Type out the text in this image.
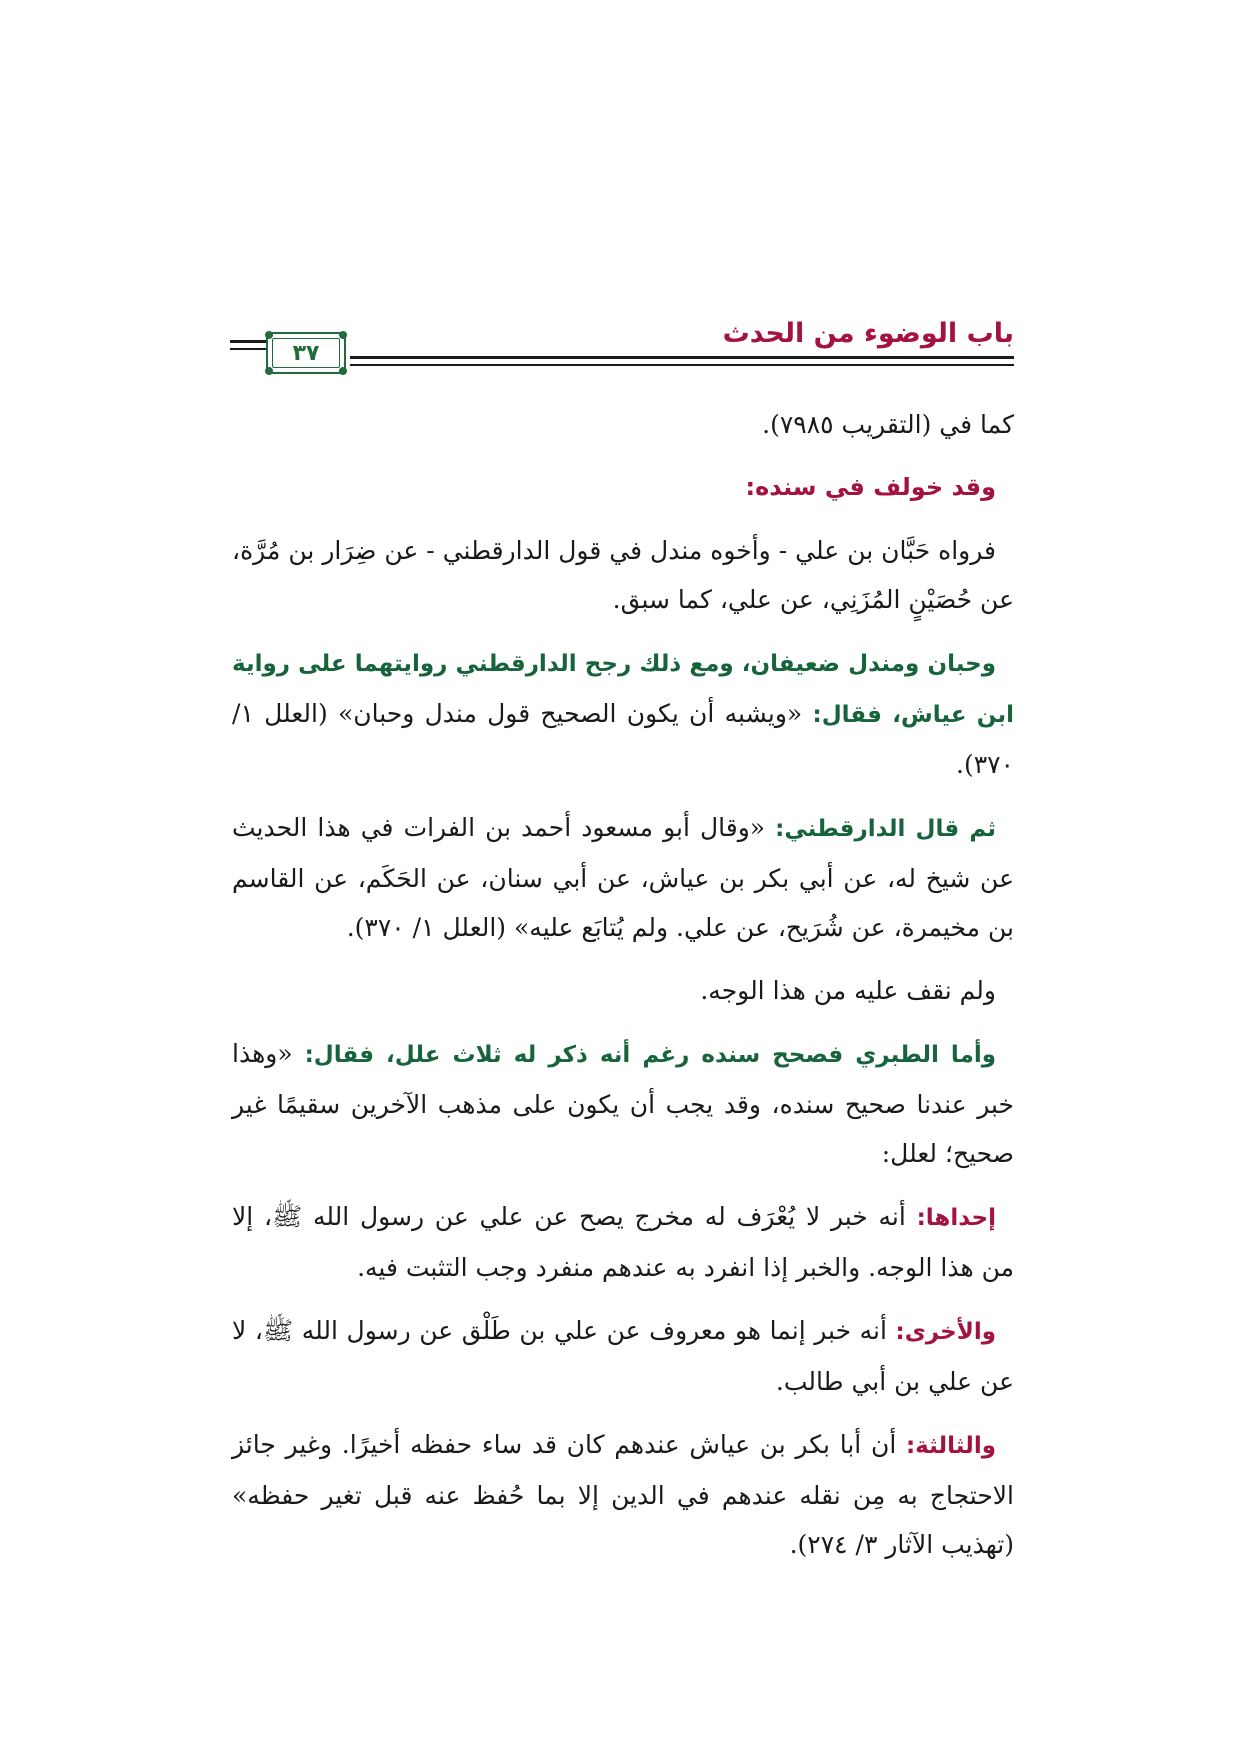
باب الوضوء من الحدث
٣٧

كما في (التقريب ٧٩٨٥).

وقد خولف في سنده:

فرواه حَبَّان بن علي - وأخوه مندل في قول الدارقطني - عن ضِرَار بن مُرَّة، عن حُصَيْنٍ المُزَنِي، عن علي، كما سبق.

وحبان ومندل ضعيفان، ومع ذلك رجح الدارقطني روايتهما على رواية ابن عياش، فقال: «ويشبه أن يكون الصحيح قول مندل وحبان» (العلل ١/ ٣٧٠).

ثم قال الدارقطني: «وقال أبو مسعود أحمد بن الفرات في هذا الحديث عن شيخ له، عن أبي بكر بن عياش، عن أبي سنان، عن الحَكَم، عن القاسم بن مخيمرة، عن شُرَيح، عن علي. ولم يُتابَع عليه» (العلل ١/ ٣٧٠).

ولم نقف عليه من هذا الوجه.

وأما الطبري فصحح سنده رغم أنه ذكر له ثلاث علل، فقال: «وهذا خبر عندنا صحيح سنده، وقد يجب أن يكون على مذهب الآخرين سقيمًا غير صحيح؛ لعلل:

إحداها: أنه خبر لا يُعْرَف له مخرج يصح عن علي عن رسول الله ﷺ، إلا من هذا الوجه. والخبر إذا انفرد به عندهم منفرد وجب التثبت فيه.

والأخرى: أنه خبر إنما هو معروف عن علي بن طَلْق عن رسول الله ﷺ، لا عن علي بن أبي طالب.

والثالثة: أن أبا بكر بن عياش عندهم كان قد ساء حفظه أخيرًا. وغير جائز الاحتجاج به مِن نقله عندهم في الدين إلا بما حُفظ عنه قبل تغير حفظه» (تهذيب الآثار ٣/ ٢٧٤).
